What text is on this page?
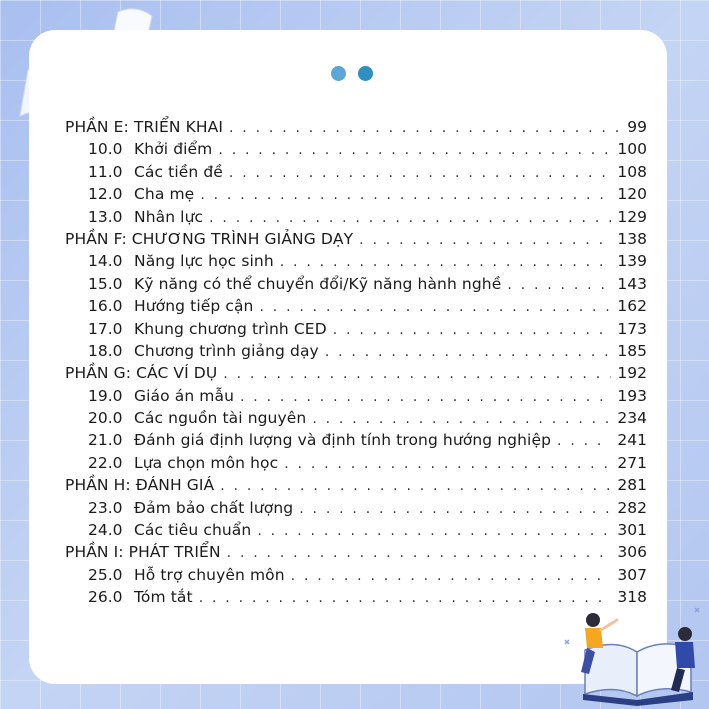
PHẦN E: TRIỂN KHAI . . .	99
10.0 Khởi điểm . . .	100
11.0 Các tiền đề . . .	108
12.0 Cha mẹ . . .	120
13.0 Nhân lực . . .	129
PHẦN F: CHƯƠNG TRÌNH GIẢNG DẠY . . .	138
14.0 Năng lực học sinh . . .	139
15.0 Kỹ năng có thể chuyển đổi/Kỹ năng hành nghề . . .	143
16.0 Hướng tiếp cận . . .	162
17.0 Khung chương trình CED . . .	173
18.0 Chương trình giảng dạy . . .	185
PHẦN G: CÁC VÍ DỤ . . .	192
19.0 Giáo án mẫu . . .	193
20.0 Các nguồn tài nguyên . . .	234
21.0 Đánh giá định lượng và định tính trong hướng nghiệp . . .	241
22.0 Lựa chọn môn học . . .	271
PHẦN H: ĐÁNH GIÁ . . .	281
23.0 Đảm bảo chất lượng . . .	282
24.0 Các tiêu chuẩn . . .	301
PHẦN I: PHÁT TRIỂN . . .	306
25.0 Hỗ trợ chuyên môn . . .	307
26.0 Tóm tắt . . .	318
